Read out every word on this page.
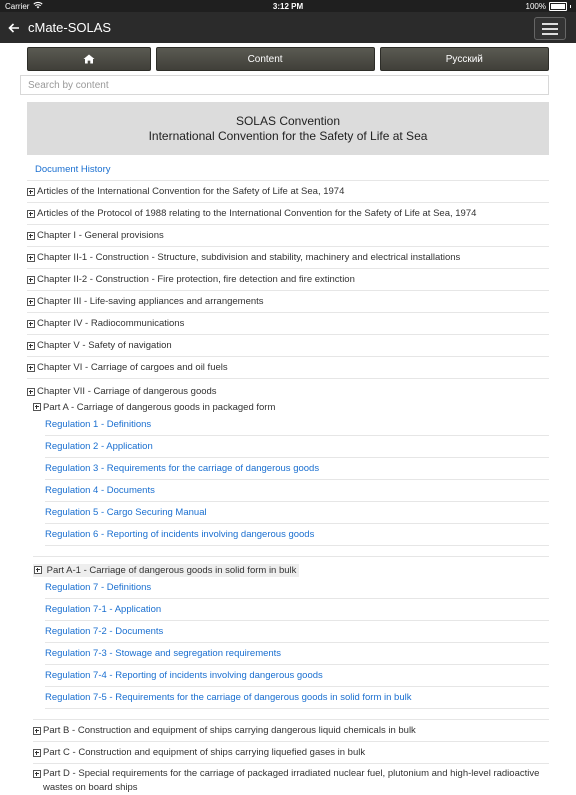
Carrier	3:12 PM	100%
cMate-SOLAS
Content	Русский
Search by content
SOLAS Convention
International Convention for the Safety of Life at Sea
Document History
Articles of the International Convention for the Safety of Life at Sea, 1974
Articles of the Protocol of 1988 relating to the International Convention for the Safety of Life at Sea, 1974
Chapter I - General provisions
Chapter II-1 - Construction - Structure, subdivision and stability, machinery and electrical installations
Chapter II-2 - Construction - Fire protection, fire detection and fire extinction
Chapter III - Life-saving appliances and arrangements
Chapter IV - Radiocommunications
Chapter V - Safety of navigation
Chapter VI - Carriage of cargoes and oil fuels
Chapter VII - Carriage of dangerous goods
Part A - Carriage of dangerous goods in packaged form
Regulation 1 - Definitions
Regulation 2 - Application
Regulation 3 - Requirements for the carriage of dangerous goods
Regulation 4 - Documents
Regulation 5 - Cargo Securing Manual
Regulation 6 - Reporting of incidents involving dangerous goods
Part A-1 - Carriage of dangerous goods in solid form in bulk
Regulation 7 - Definitions
Regulation 7-1 - Application
Regulation 7-2 - Documents
Regulation 7-3 - Stowage and segregation requirements
Regulation 7-4 - Reporting of incidents involving dangerous goods
Regulation 7-5 - Requirements for the carriage of dangerous goods in solid form in bulk
Part B - Construction and equipment of ships carrying dangerous liquid chemicals in bulk
Part C - Construction and equipment of ships carrying liquefied gases in bulk
Part D - Special requirements for the carriage of packaged irradiated nuclear fuel, plutonium and high-level radioactive wastes on board ships
